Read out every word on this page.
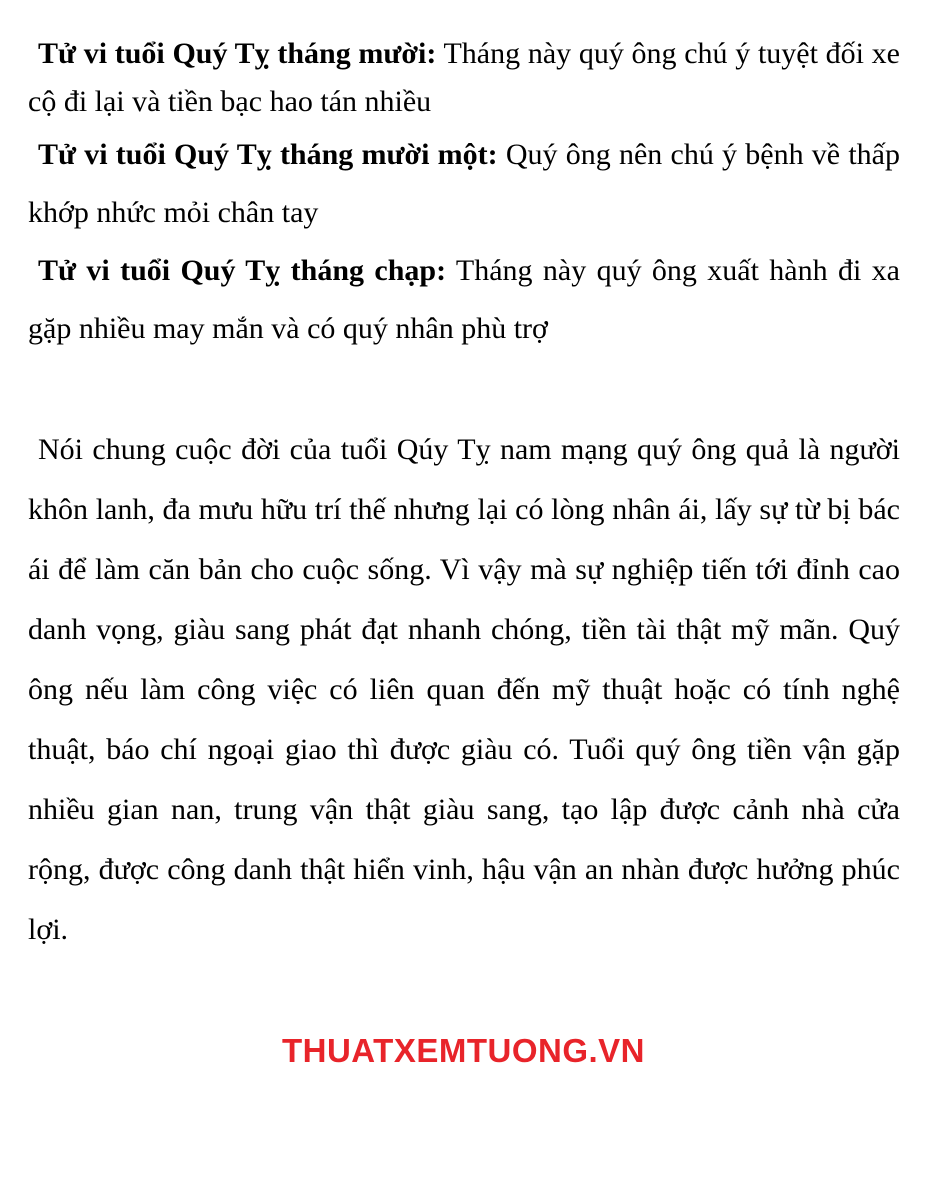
Tử vi tuổi Quý Tỵ tháng mười: Tháng này quý ông chú ý tuyệt đối xe cộ đi lại và tiền bạc hao tán nhiều

Tử vi tuổi Quý Tỵ tháng mười một: Quý ông nên chú ý bệnh về thấp khớp nhức mỏi chân tay

Tử vi tuổi Quý Tỵ tháng chạp: Tháng này quý ông xuất hành đi xa gặp nhiều may mắn và có quý nhân phù trợ

Nói chung cuộc đời của tuổi Qúy Tỵ nam mạng quý ông quả là người khôn lanh, đa mưu hữu trí thế nhưng lại có lòng nhân ái, lấy sự từ bị bác ái để làm căn bản cho cuộc sống. Vì vậy mà sự nghiệp tiến tới đỉnh cao danh vọng, giàu sang phát đạt nhanh chóng, tiền tài thật mỹ mãn. Quý ông nếu làm công việc có liên quan đến mỹ thuật hoặc có tính nghệ thuật, báo chí ngoại giao thì được giàu có. Tuổi quý ông tiền vận gặp nhiều gian nan, trung vận thật giàu sang, tạo lập được cảnh nhà cửa rộng, được công danh thật hiển vinh, hậu vận an nhàn được hưởng phúc lợi.

THUATXEMTUONG.VN
